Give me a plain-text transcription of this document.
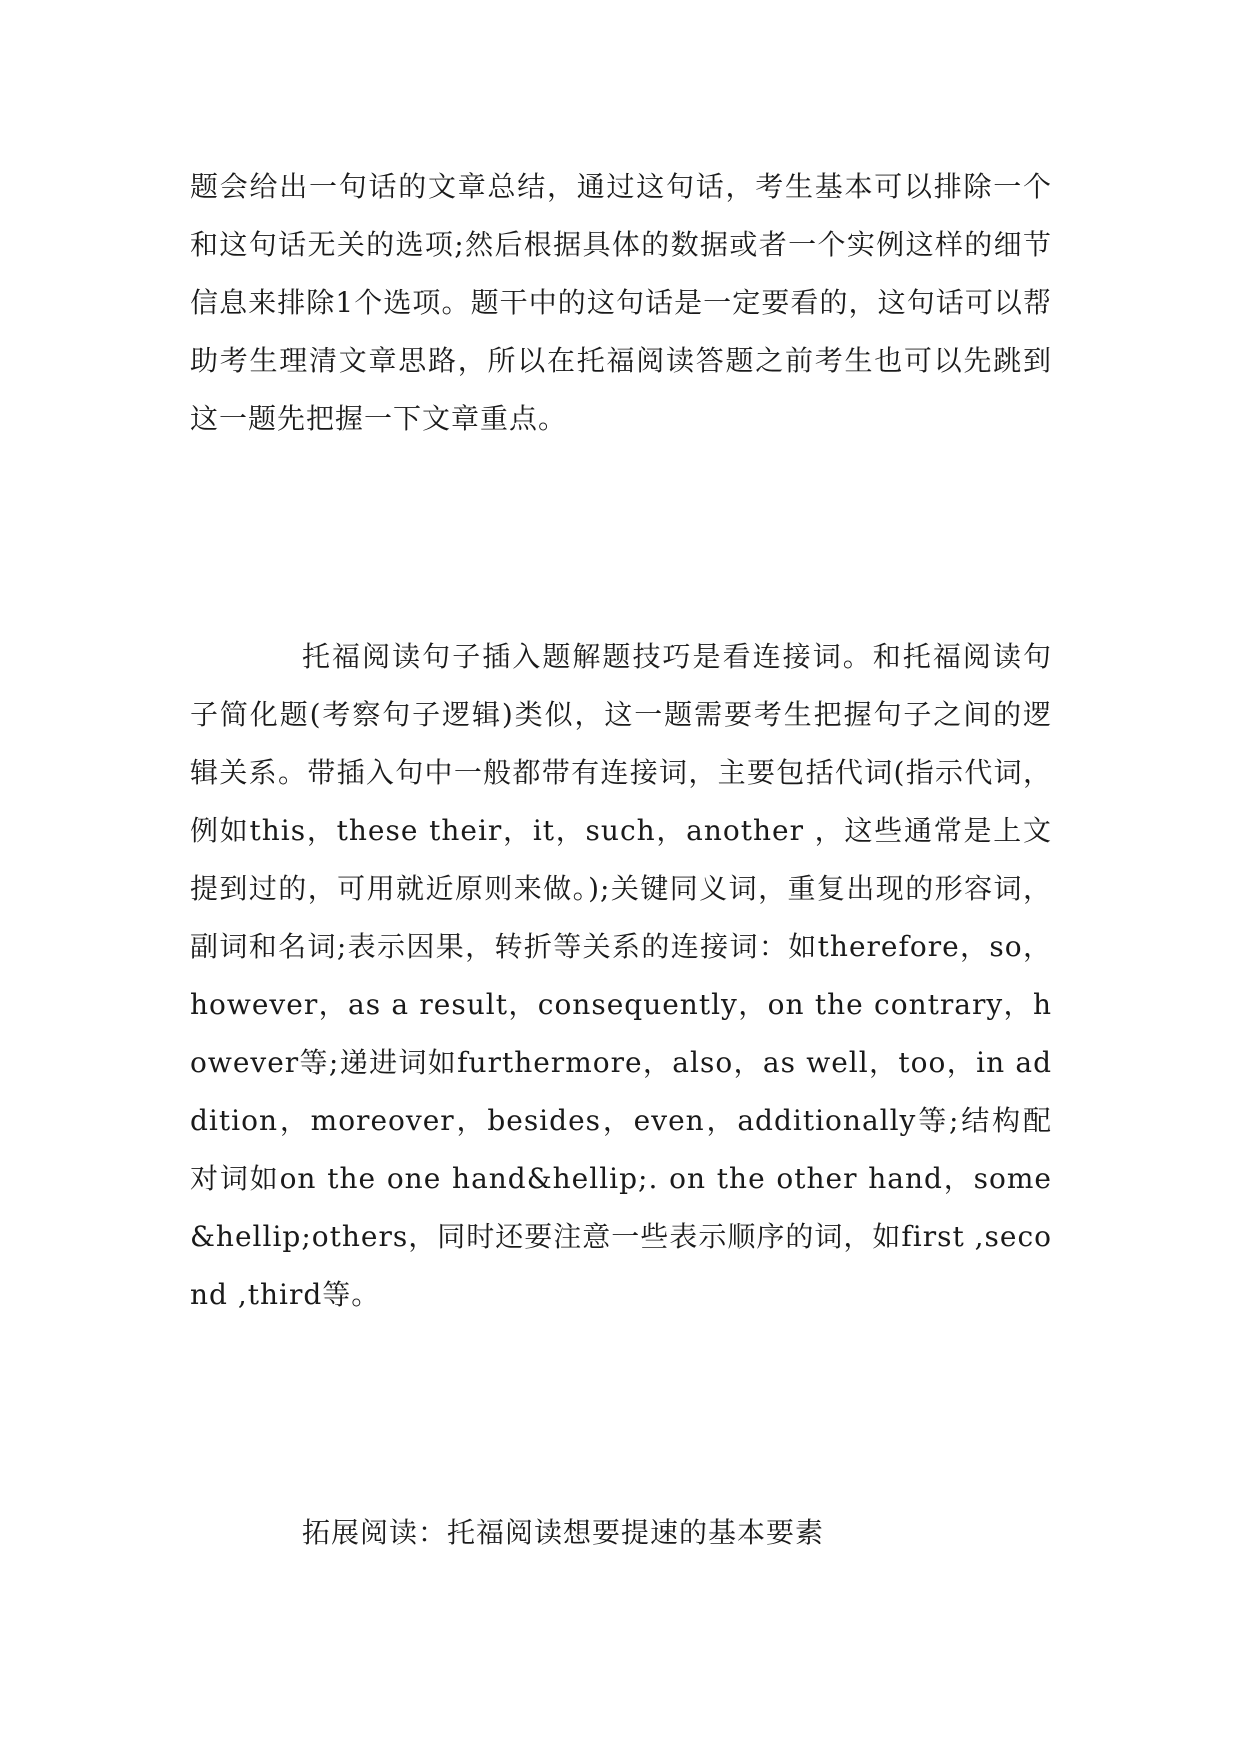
题会给出一句话的文章总结，通过这句话，考生基本可以排除一个和这句话无关的选项;然后根据具体的数据或者一个实例这样的细节信息来排除1个选项。题干中的这句话是一定要看的，这句话可以帮助考生理清文章思路，所以在托福阅读答题之前考生也可以先跳到这一题先把握一下文章重点。

托福阅读句子插入题解题技巧是看连接词。和托福阅读句子简化题(考察句子逻辑)类似，这一题需要考生把握句子之间的逻辑关系。带插入句中一般都带有连接词，主要包括代词(指示代词，例如this，these their，it，such，another ，这些通常是上文提到过的，可用就近原则来做。);关键同义词，重复出现的形容词，副词和名词;表示因果，转折等关系的连接词：如therefore，so，however，as a result，consequently，on the contrary，however等;递进词如furthermore，also，as well，too，in addition，moreover，besides，even，additionally等;结构配对词如on the one hand&hellip;. on the other hand，some&hellip;others，同时还要注意一些表示顺序的词，如first ,second ,third等。

拓展阅读：托福阅读想要提速的基本要素
